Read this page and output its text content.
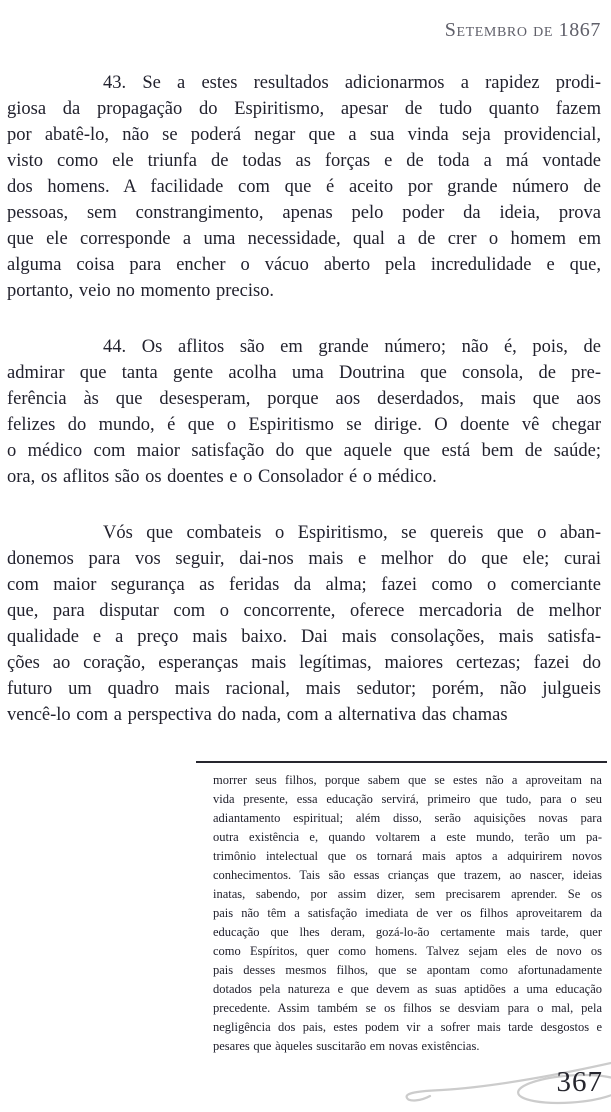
Setembro de 1867
43. Se a estes resultados adicionarmos a rapidez prodi-
giosa da propagação do Espiritismo, apesar de tudo quanto fazem
por abatê-lo, não se poderá negar que a sua vinda seja providencial,
visto como ele triunfa de todas as forças e de toda a má vontade
dos homens. A facilidade com que é aceito por grande número de
pessoas, sem constrangimento, apenas pelo poder da ideia, prova
que ele corresponde a uma necessidade, qual a de crer o homem em
alguma coisa para encher o vácuo aberto pela incredulidade e que,
portanto, veio no momento preciso.
44. Os aflitos são em grande número; não é, pois, de
admirar que tanta gente acolha uma Doutrina que consola, de pre-
ferência às que desesperam, porque aos deserdados, mais que aos
felizes do mundo, é que o Espiritismo se dirige. O doente vê chegar
o médico com maior satisfação do que aquele que está bem de saúde;
ora, os aflitos são os doentes e o Consolador é o médico.
Vós que combateis o Espiritismo, se quereis que o aban-
donemos para vos seguir, dai-nos mais e melhor do que ele; curai
com maior segurança as feridas da alma; fazei como o comerciante
que, para disputar com o concorrente, oferece mercadoria de melhor
qualidade e a preço mais baixo. Dai mais consolações, mais satisfa-
ções ao coração, esperanças mais legítimas, maiores certezas; fazei do
futuro um quadro mais racional, mais sedutor; porém, não julgueis
vencê-lo com a perspectiva do nada, com a alternativa das chamas
morrer seus filhos, porque sabem que se estes não a aproveitam na
vida presente, essa educação servirá, primeiro que tudo, para o seu
adiantamento espiritual; além disso, serão aquisições novas para
outra existência e, quando voltarem a este mundo, terão um pa-
trimônio intelectual que os tornará mais aptos a adquirirem novos
conhecimentos. Tais são essas crianças que trazem, ao nascer, ideias
inatas, sabendo, por assim dizer, sem precisarem aprender. Se os
pais não têm a satisfação imediata de ver os filhos aproveitarem da
educação que lhes deram, gozá-lo-ão certamente mais tarde, quer
como Espíritos, quer como homens. Talvez sejam eles de novo os
pais desses mesmos filhos, que se apontam como afortunadamente
dotados pela natureza e que devem as suas aptidões a uma educação
precedente. Assim também se os filhos se desviam para o mal, pela
negligência dos pais, estes podem vir a sofrer mais tarde desgostos e
pesares que àqueles suscitarão em novas existências.
367
